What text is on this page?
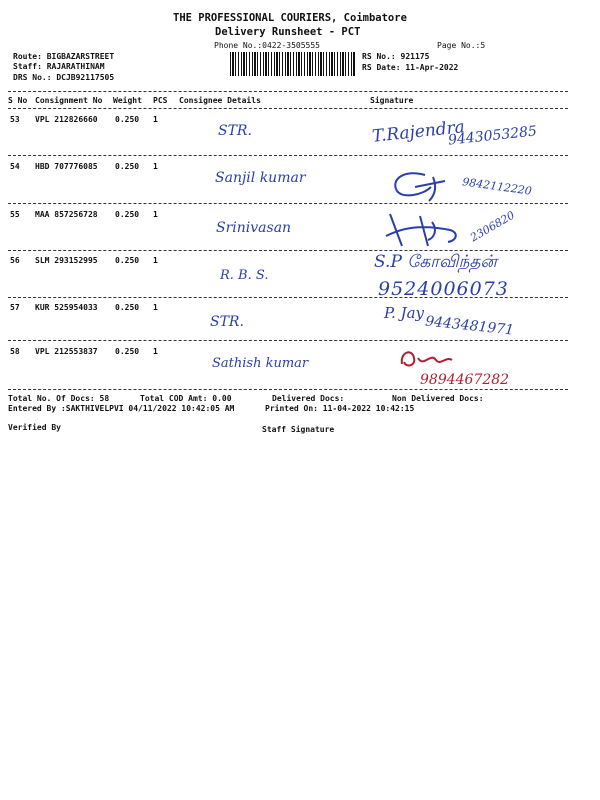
THE PROFESSIONAL COURIERS, Coimbatore
Delivery Runsheet - PCT
Phone No.:0422-3505555	Page No.:5
Route: BIGBAZARSTREET
Staff: RAJARATHINAM
DRS No.: DCJB92117505
RS No.: 921175
RS Date: 11-Apr-2022
S No Consignment No Weight PCS Consignee Details	Signature
53 VPL 212826660 0.250 1
STR.	T.Rajendra
9443053285
54 HBD 707776085 0.250 1
Sanjil kumar	9842112220
55 MAA 857256728 0.250 1
Srinivasan	2306820
56 SLM 293152995 0.250 1
R. B. S.
S.P கோவிந்தன்
9524006073
57 KUR 525954033 0.250 1
STR.	P. Jay
9443481971
58 VPL 212553837 0.250 1
Sathish kumar
9894467282
Total No. Of Docs: 58	Total COD Amt: 0.00	Delivered Docs:	Non Delivered Docs:
Entered By :SAKTHIVELPVI 04/11/2022 10:42:05 AM	Printed On: 11-04-2022 10:42:15
Verified By	Staff Signature
